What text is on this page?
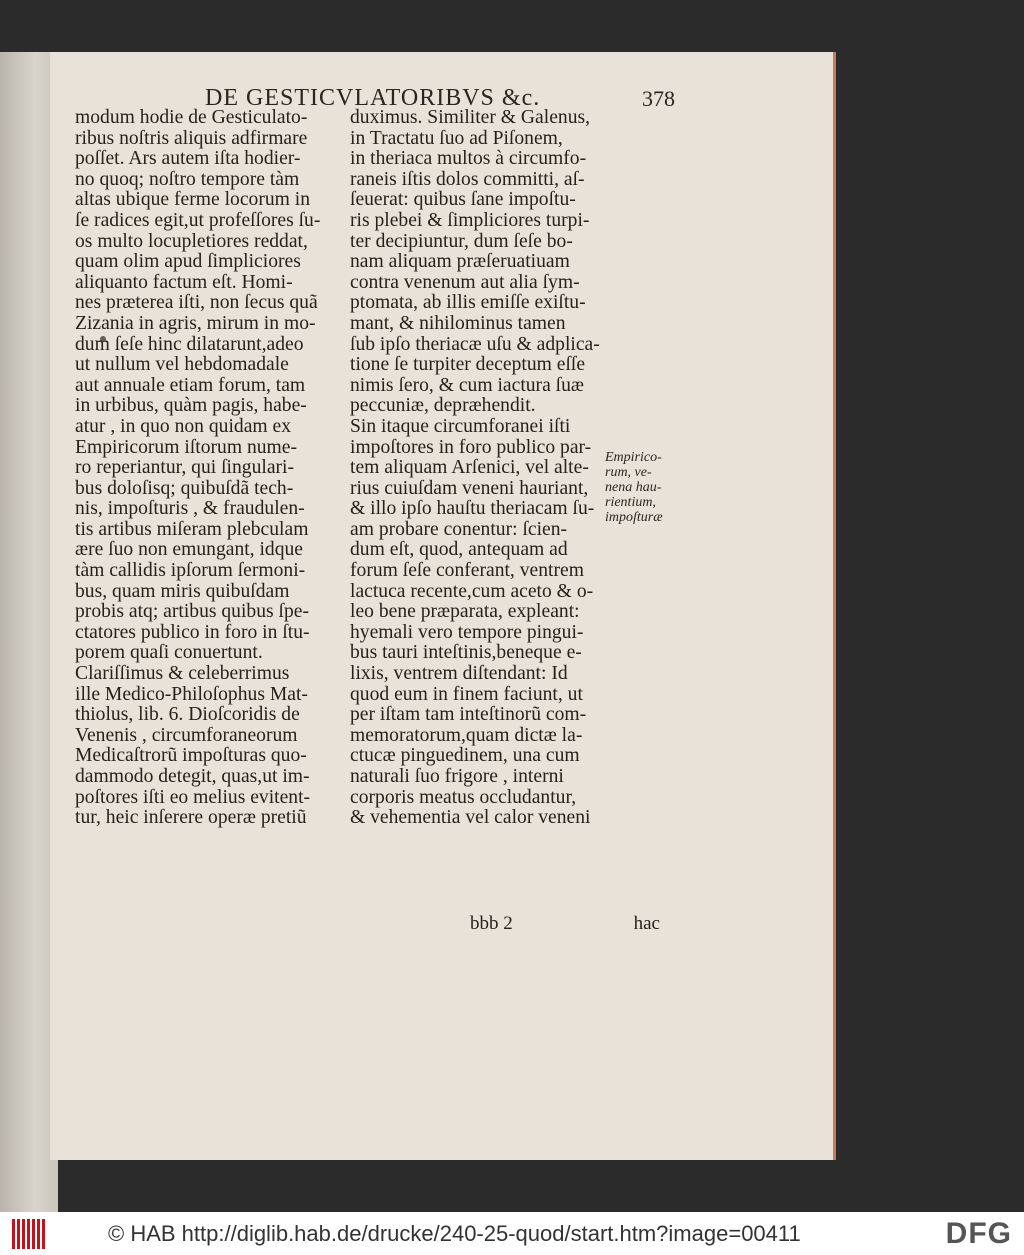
DE GESTICVLATORIBVS &c.	378
modum hodie de Gesticulato-
ribus noſtris aliquis adfirmare
poſſet. Ars autem iſta hodier-
no quoq; noſtro tempore tàm
altas ubique ferme locorum in
ſe radices egit,ut profeſſores ſu-
os multo locupletiores reddat,
quam olim apud ſimpliciores
aliquanto factum eſt. Homi-
nes præterea iſti, non ſecus quã
Zizania in agris, mirum in mo-
dum ſeſe hinc dilatarunt,adeo
ut nullum vel hebdomadale
aut annuale etiam forum, tam
in urbibus, quàm pagis, habe-
atur , in quo non quidam ex
Empiricorum iſtorum nume-
ro reperiantur, qui ſingulari-
bus doloſisq; quibuſdã tech-
nis, impoſturis , & fraudulen-
tis artibus miſeram plebculam
ære ſuo non emungant, idque
tàm callidis ipſorum ſermoni-
bus, quam miris quibuſdam
probis atq; artibus quibus ſpe-
ctatores publico in foro in ſtu-
porem quaſi conuertunt.
Clariſſimus & celeberrimus
ille Medico-Philoſophus Mat-
thiolus, lib. 6. Dioſcoridis de
Venenis , circumforaneorum
Medicaſtrorũ impoſturas quo-
dammodo detegit, quas,ut im-
poſtores iſti eo melius evitent-
tur, heic inſerere operæ pretiũ
duximus. Similiter & Galenus,
in Tractatu ſuo ad Piſonem,
in theriaca multos à circumfo-
raneis iſtis dolos committi, aſ-
ſeuerat: quibus ſane impoſtu-
ris plebei & ſimpliciores turpi-
ter decipiuntur, dum ſeſe bo-
nam aliquam præſeruatiuam
contra venenum aut alia ſym-
ptomata, ab illis emiſſe exiſtu-
mant, & nihilominus tamen
ſub ipſo theriacæ uſu & adplica-
tione ſe turpiter deceptum eſſe
nimis ſero, & cum iactura ſuæ
peccuniæ, depræhendit.
Sin itaque circumforanei iſti
impoſtores in foro publico par-
tem aliquam Arſenici, vel alte-
rius cuiuſdam veneni hauriant,
& illo ipſo hauſtu theriacam ſu-
am probare conentur: ſcien-
dum eſt, quod, antequam ad
forum ſeſe conferant, ventrem
lactuca recente,cum aceto & o-
leo bene præparata, expleant:
hyemali vero tempore pingui-
bus tauri inteſtinis,beneque e-
lixis, ventrem diſtendant: Id
quod eum in finem faciunt, ut
per iſtam tam inteſtinorũ com-
memoratorum,quam dictæ la-
ctucæ pinguedinem, una cum
naturali ſuo frigore , interni
corporis meatus occludantur,
& vehementia vel calor veneni
Empirico-
rum, ve-
nena hau-
rientium,
impoſturæ
bbb 2	hac
© HAB http://diglib.hab.de/drucke/240-25-quod/start.htm?image=00411	DFG
